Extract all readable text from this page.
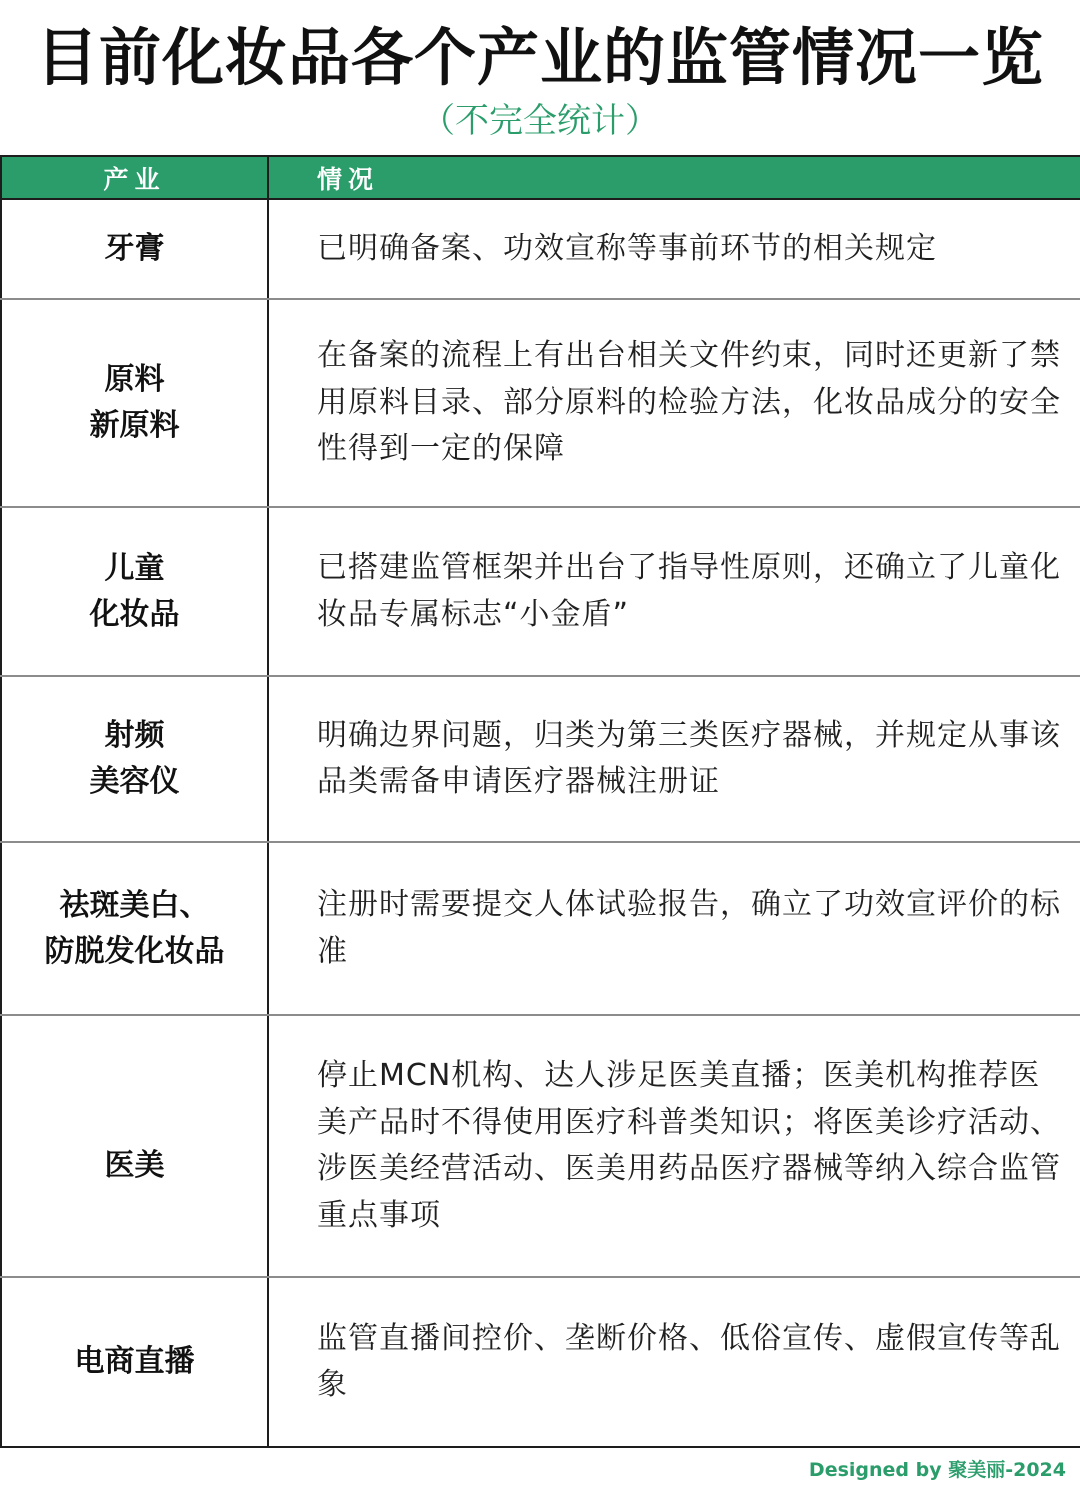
目前化妆品各个产业的监管情况一览
（不完全统计）
产业	情况

牙膏	已明确备案、功效宣称等事前环节的相关规定

原料
新原料	在备案的流程上有出台相关文件约束，同时还更新了禁用原料目录、部分原料的检验方法，化妆品成分的安全性得到一定的保障

儿童
化妆品	已搭建监管框架并出台了指导性原则，还确立了儿童化妆品专属标志“小金盾”

射频
美容仪	明确边界问题，归类为第三类医疗器械，并规定从事该品类需备申请医疗器械注册证

祛斑美白、
防脱发化妆品	注册时需要提交人体试验报告，确立了功效宣评价的标准

医美	停止MCN机构、达人涉足医美直播；医美机构推荐医美产品时不得使用医疗科普类知识；将医美诊疗活动、涉医美经营活动、医美用药品医疗器械等纳入综合监管重点事项

电商直播	监管直播间控价、垄断价格、低俗宣传、虚假宣传等乱象
Designed by 聚美丽-2024
